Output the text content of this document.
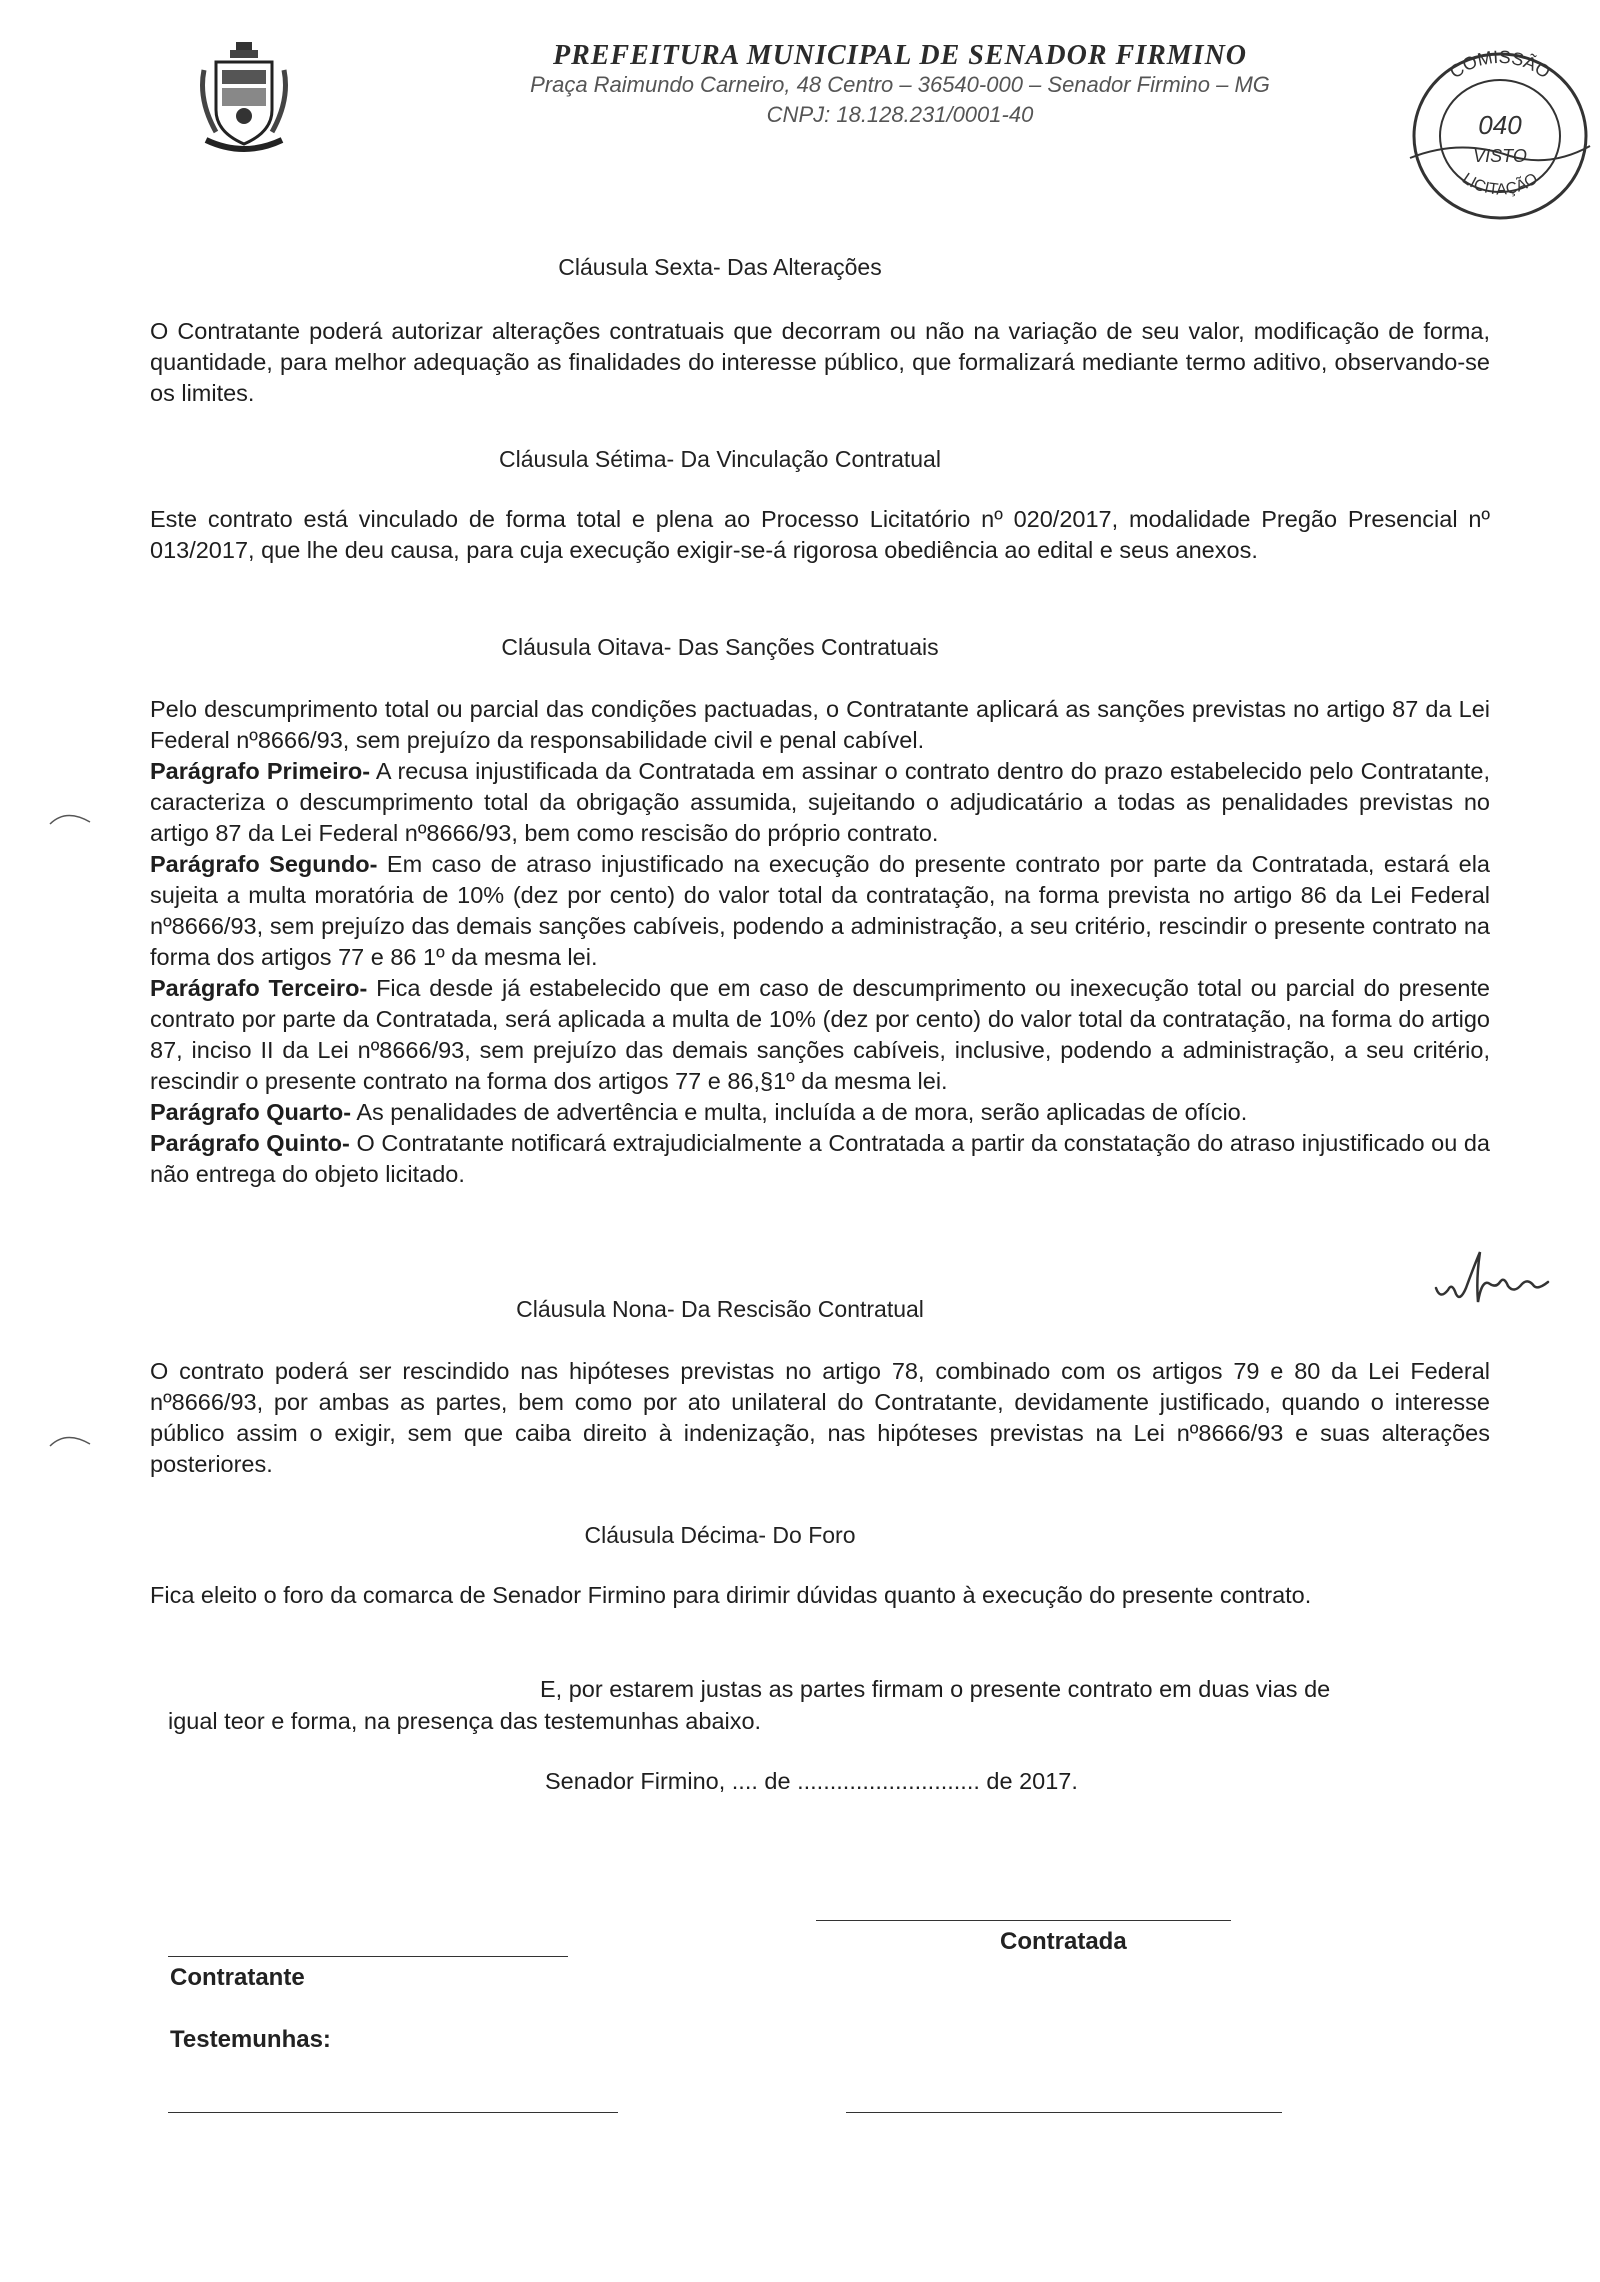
PREFEITURA MUNICIPAL DE SENADOR FIRMINO
Praça Raimundo Carneiro, 48 Centro – 36540-000 – Senador Firmino – MG
CNPJ: 18.128.231/0001-40
COMISSÃO
040
VISTO
LICITAÇÃO
Cláusula Sexta- Das Alterações
O Contratante poderá autorizar alterações contratuais que decorram ou não na variação de seu valor, modificação de forma, quantidade, para melhor adequação as finalidades do interesse público, que formalizará mediante termo aditivo, observando-se os limites.
Cláusula Sétima- Da Vinculação Contratual
Este contrato está vinculado de forma total e plena ao Processo Licitatório nº 020/2017, modalidade Pregão Presencial nº 013/2017, que lhe deu causa, para cuja execução exigir-se-á rigorosa obediência ao edital e seus anexos.
Cláusula Oitava- Das Sanções Contratuais
Pelo descumprimento total ou parcial das condições pactuadas, o Contratante aplicará as sanções previstas no artigo 87 da Lei Federal nº8666/93, sem prejuízo da responsabilidade civil e penal cabível.
Parágrafo Primeiro- A recusa injustificada da Contratada em assinar o contrato dentro do prazo estabelecido pelo Contratante, caracteriza o descumprimento total da obrigação assumida, sujeitando o adjudicatário a todas as penalidades previstas no artigo 87 da Lei Federal nº8666/93, bem como rescisão do próprio contrato.
Parágrafo Segundo- Em caso de atraso injustificado na execução do presente contrato por parte da Contratada, estará ela sujeita a multa moratória de 10% (dez por cento) do valor total da contratação, na forma prevista no artigo 86 da Lei Federal nº8666/93, sem prejuízo das demais sanções cabíveis, podendo a administração, a seu critério, rescindir o presente contrato na forma dos artigos 77 e 86 1º da mesma lei.
Parágrafo Terceiro- Fica desde já estabelecido que em caso de descumprimento ou inexecução total ou parcial do presente contrato por parte da Contratada, será aplicada a multa de 10% (dez por cento) do valor total da contratação, na forma do artigo 87, inciso II da Lei nº8666/93, sem prejuízo das demais sanções cabíveis, inclusive, podendo a administração, a seu critério, rescindir o presente contrato na forma dos artigos 77 e 86,§1º da mesma lei.
Parágrafo Quarto- As penalidades de advertência e multa, incluída a de mora, serão aplicadas de ofício.
Parágrafo Quinto- O Contratante notificará extrajudicialmente a Contratada a partir da constatação do atraso injustificado ou da não entrega do objeto licitado.
Cláusula Nona- Da Rescisão Contratual
O contrato poderá ser rescindido nas hipóteses previstas no artigo 78, combinado com os artigos 79 e 80 da Lei Federal nº8666/93, por ambas as partes, bem como por ato unilateral do Contratante, devidamente justificado, quando o interesse público assim o exigir, sem que caiba direito à indenização, nas hipóteses previstas na Lei nº8666/93 e suas alterações posteriores.
Cláusula Décima- Do Foro
Fica eleito o foro da comarca de Senador Firmino para dirimir dúvidas quanto à execução do presente contrato.
E, por estarem justas as partes firmam o presente contrato em duas vias de
igual teor e forma, na presença das testemunhas abaixo.
Senador Firmino, .... de ............................ de 2017.
Contratante
Contratada
Testemunhas:
